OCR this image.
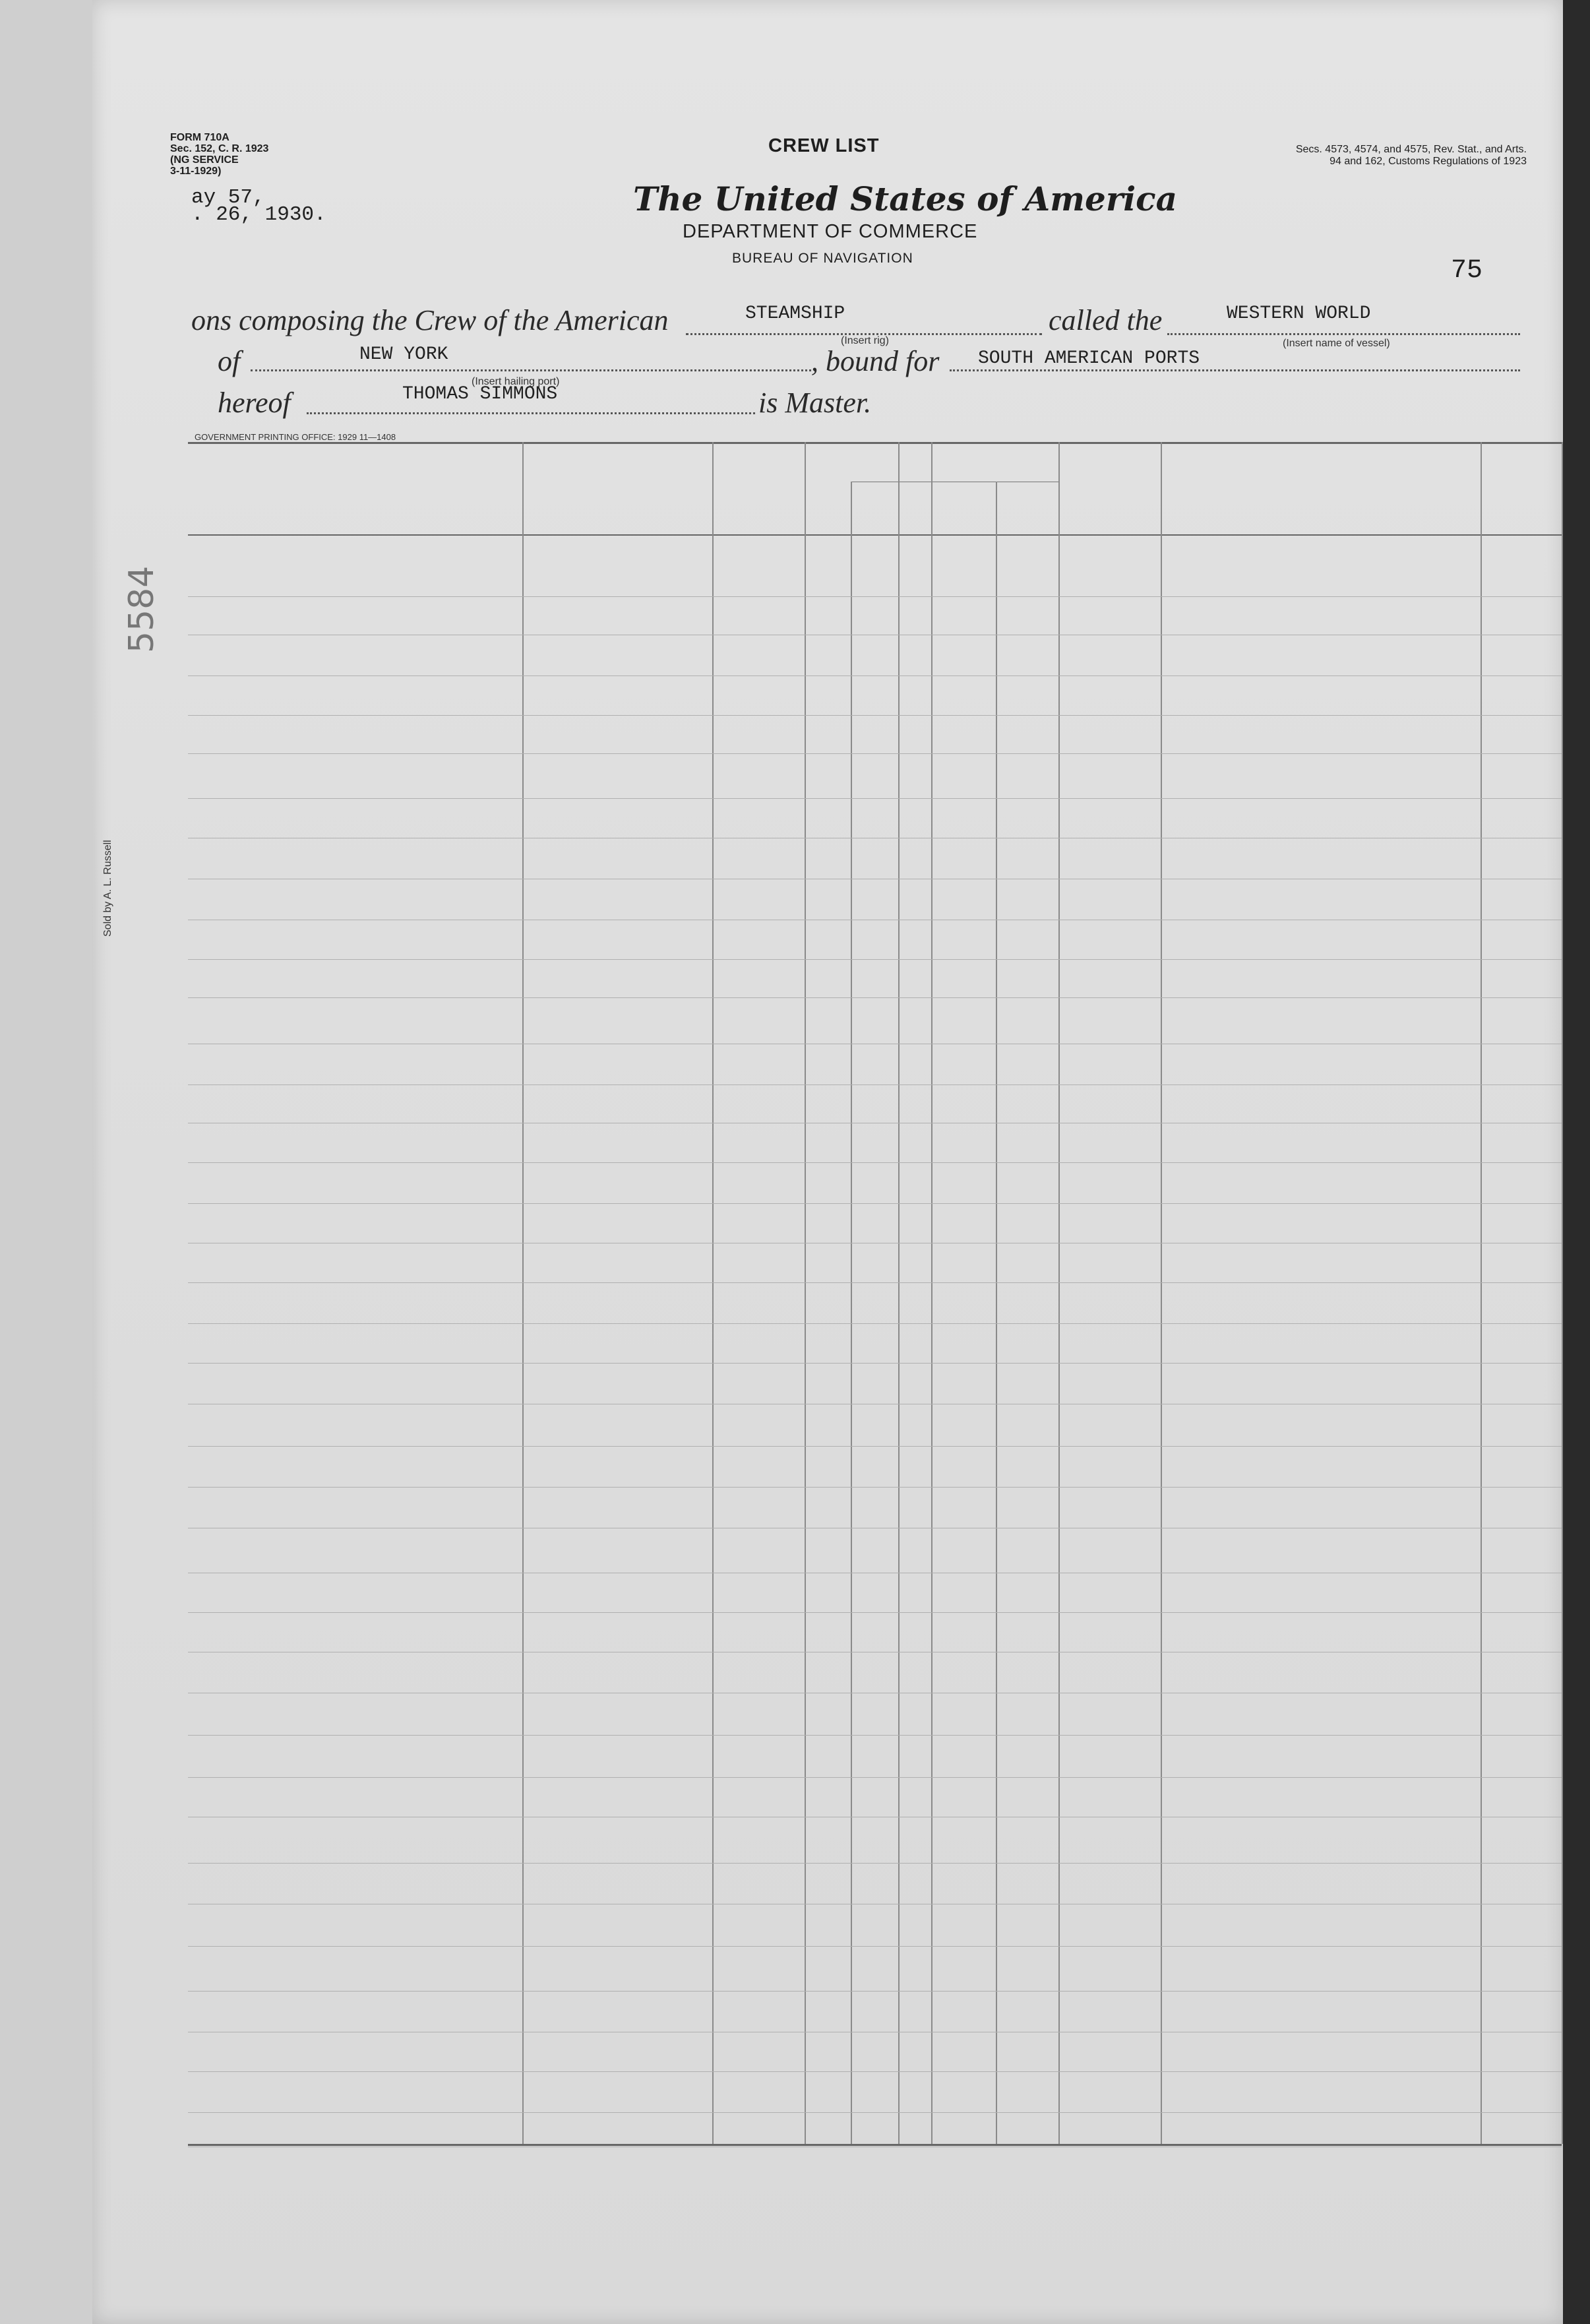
FORM 710A
Sec. 152, C. R. 1923
(NG SERVICE
3-11-1929)
ay 57,
. 26, 1930.
CREW LIST
The United States of America
DEPARTMENT OF COMMERCE
BUREAU OF NAVIGATION
Secs. 4573, 4574, and 4575, Rev. Stat., and Arts. 94 and 162, Customs Regulations of 1923
75
ons composing the Crew of the American	STEAMSHIP
(Insert rig)
called the	WESTERN WORLD
(Insert name of vessel)
of	NEW YORK	, bound for SOUTH AMERICAN PORTS
(Insert hailing port)
hereof	THOMAS SIMMONS	is Master.
GOVERNMENT PRINTING OFFICE: 1929 11—1408
Sold by A. L. Russell
5584
